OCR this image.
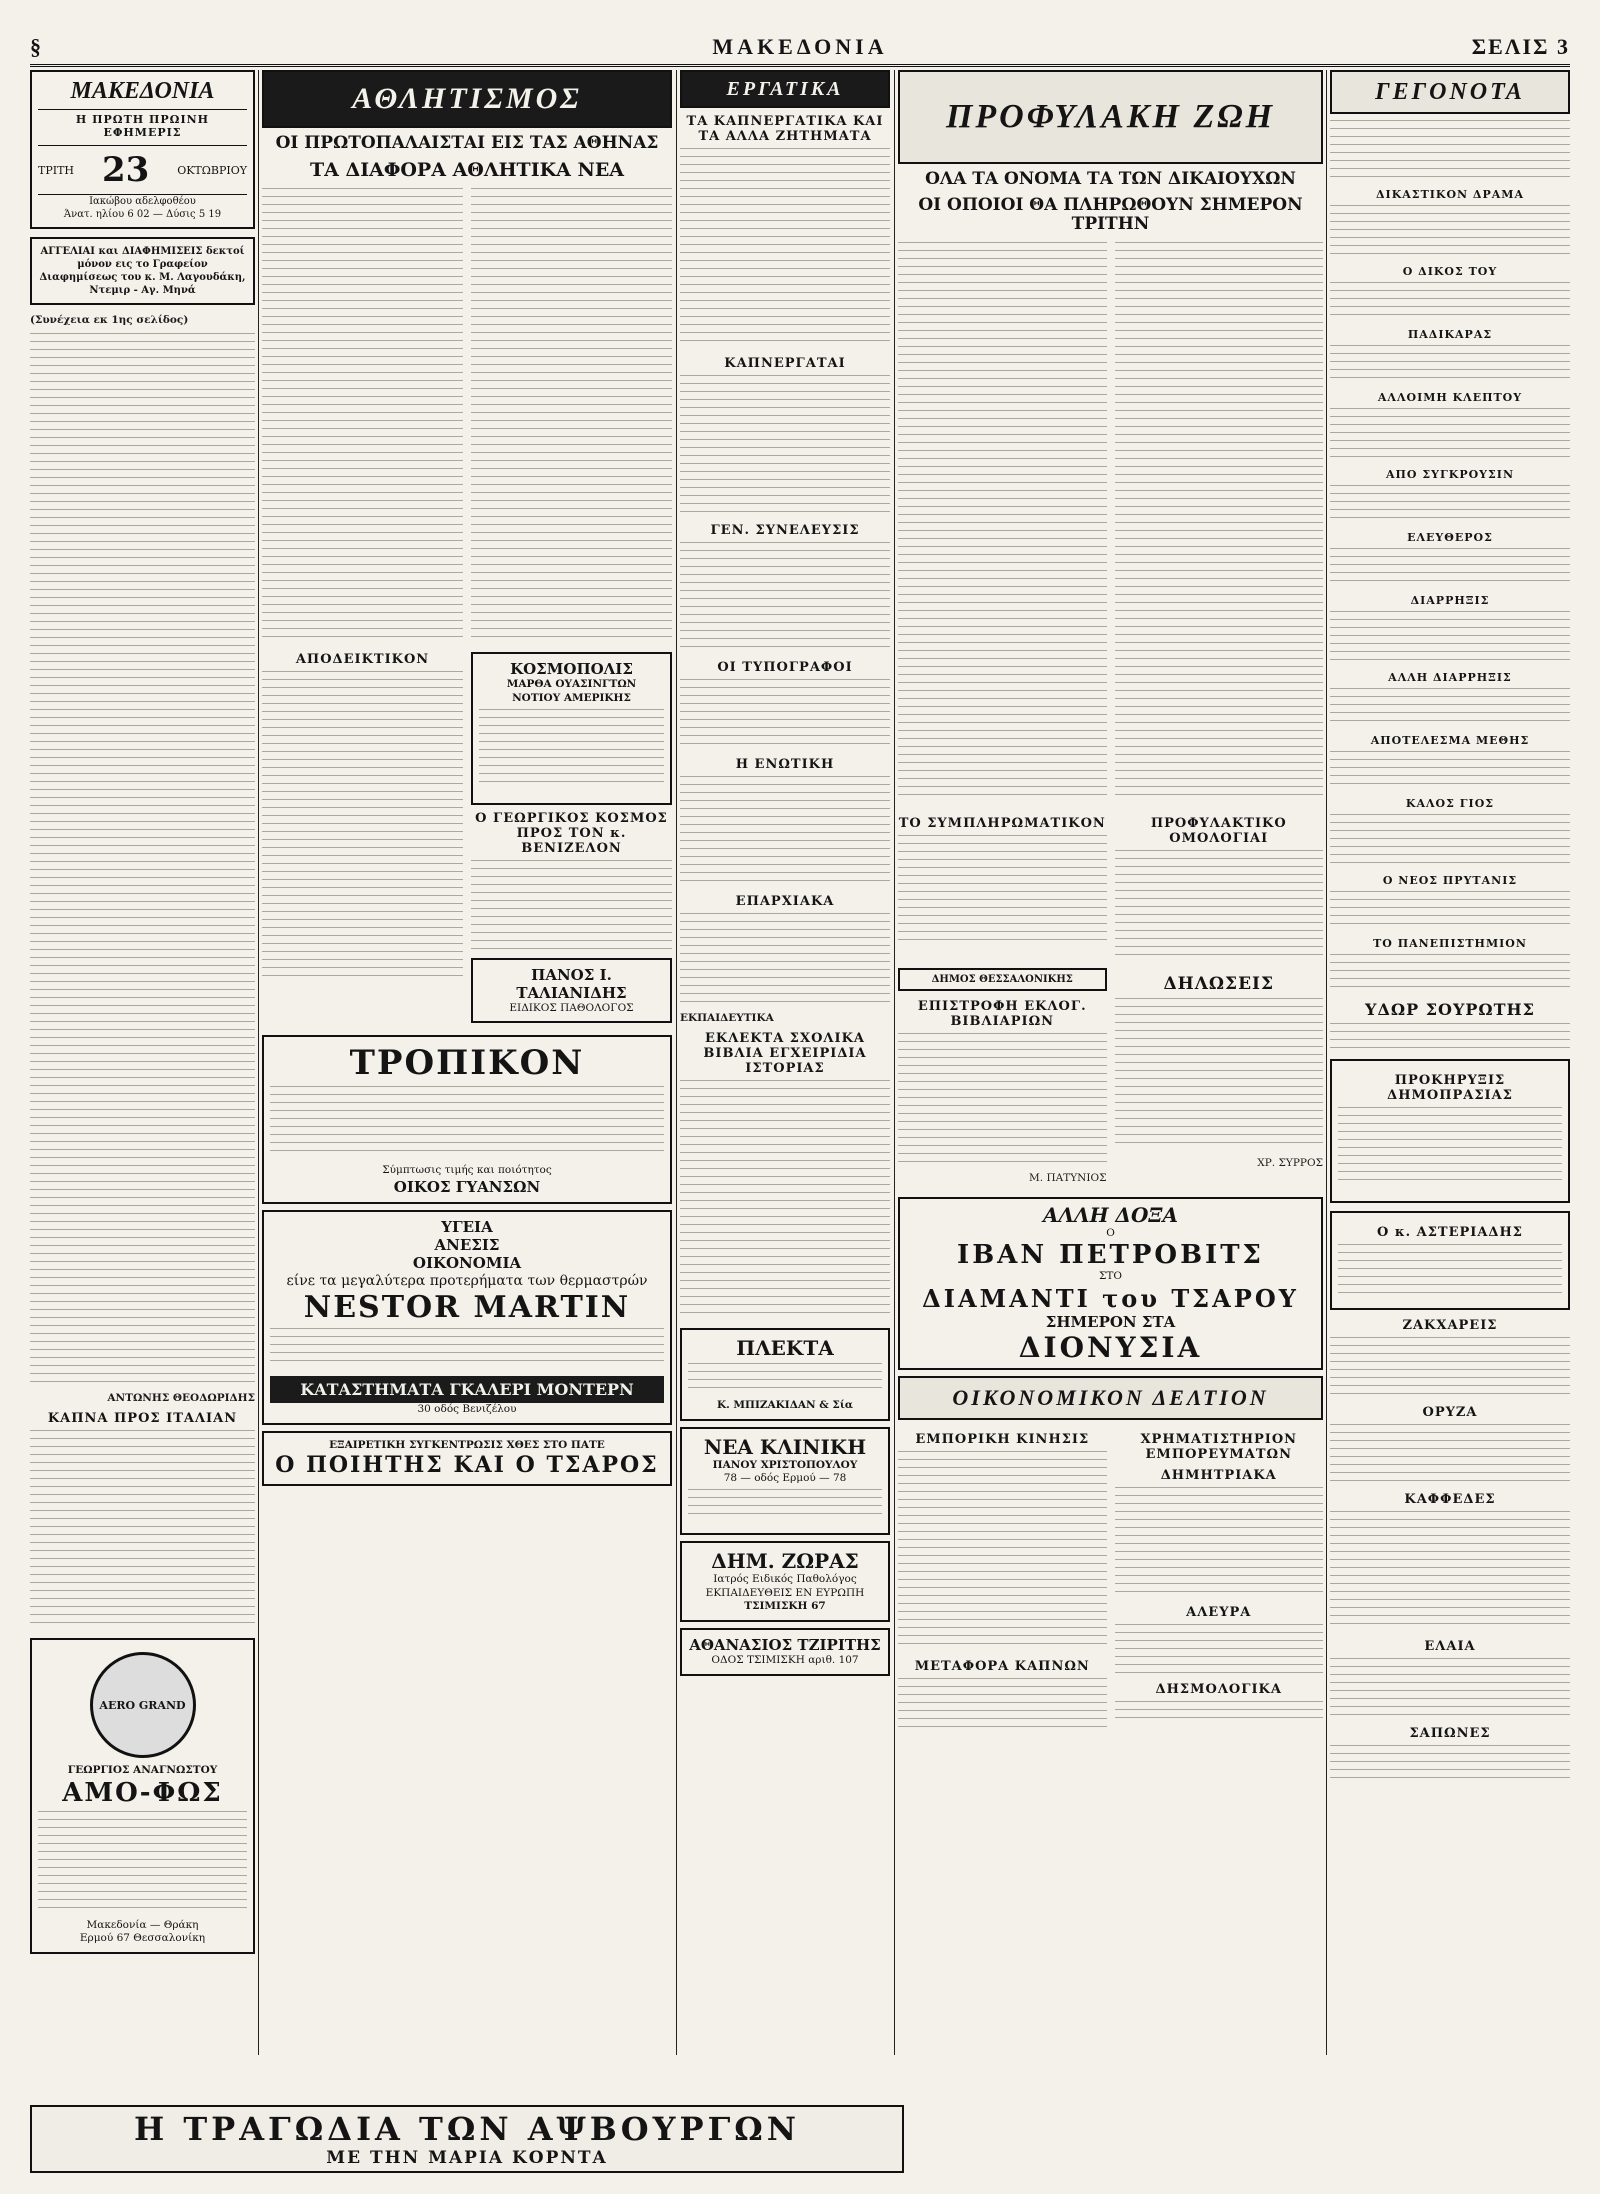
§	ΜΑΚΕΔΟΝΙΑ	ΣΕΛΙΣ 3
ΜΑΚΕΔΟΝΙΑ
Η ΠΡΩΤΗ ΠΡΩΙΝΗ ΕΦΗΜΕΡΙΣ
ΤΡΙΤΗ 23	ΟΚΤΩΒΡΙΟΥ
Ιακώβου αδελφοθέου
Άνατ. ηλίου 6 02 — Δύσις 5 19
ΑΓΓΕΛΙΑΙ και ΔΙΑΦΗΜΙΣΕΙΣ δεκτοί μόνον εις το Γραφείον Διαφημίσεως του κ. Μ. Λαγουδάκη, Ντεμιρ - Αγ. Μηνά
(Συνέχεια εκ 1ης σελίδος)
ΑΝΤΩΝΗΣ ΘΕΟΔΩΡΙΔΗΣ
ΚΑΠΝΑ ΠΡΟΣ ΙΤΑΛΙΑΝ
AERO GRAND
ΓΕΩΡΓΙΟΣ ΑΝΑΓΝΩΣΤΟΥ
ΑΜΟ-ΦΩΣ
Μακεδονία — Θράκη
Ερμού 67 Θεσσαλονίκη
ΑΘΛΗΤΙΣΜΟΣ
ΟΙ ΠΡΩΤΟΠΑΛΑΙΣΤΑΙ ΕΙΣ ΤΑΣ ΑΘΗΝΑΣ
ΤΑ ΔΙΑΦΟΡΑ ΑΘΛΗΤΙΚΑ ΝΕΑ
ΑΠΟΔΕΙΚΤΙΚΟΝ
ΚΟΣΜΟΠΟΛΙΣ
ΜΑΡΘΑ ΟΥΑΣΙΝΓΤΩΝ
ΝΟΤΙΟΥ ΑΜΕΡΙΚΗΣ
Ο ΓΕΩΡΓΙΚΟΣ ΚΟΣΜΟΣ ΠΡΟΣ ΤΟΝ κ. ΒΕΝΙΖΕΛΟΝ
ΠΑΝΟΣ Ι. ΤΑΛΙΑΝΙΔΗΣ
ΕΙΔΙΚΟΣ ΠΑΘΟΛΟΓΟΣ
ΤΡΟΠΙΚΟΝ
Σύμπτωσις τιμής και ποιότητος
ΟΙΚΟΣ ΓΥΑΝΣΩΝ
ΥΓΕΙΑ
ΑΝΕΣΙΣ
ΟΙΚΟΝΟΜΙΑ
είνε τα μεγαλύτερα προτερήματα των θερμαστρών
NESTOR MARTIN
ΚΑΤΑΣΤΗΜΑΤΑ ΓΚΑΛΕΡΙ ΜΟΝΤΕΡΝ
30 οδός Βενιζέλου
ΕΞΑΙΡΕΤΙΚΗ ΣΥΓΚΕΝΤΡΩΣΙΣ ΧΘΕΣ ΣΤΟ ΠΑΤΕ
Ο ΠΟΙΗΤΗΣ ΚΑΙ Ο ΤΣΑΡΟΣ
ΕΡΓΑΤΙΚΑ
ΤΑ ΚΑΠΝΕΡΓΑΤΙΚΑ ΚΑΙ ΤΑ ΑΛΛΑ ΖΗΤΗΜΑΤΑ
ΚΑΠΝΕΡΓΑΤΑΙ
ΓΕΝ. ΣΥΝΕΛΕΥΣΙΣ
ΟΙ ΤΥΠΟΓΡΑΦΟΙ
Η ΕΝΩΤΙΚΗ
ΕΠΑΡΧΙΑΚΑ
ΕΚΠΑΙΔΕΥΤΙΚΑ
ΕΚΛΕΚΤΑ ΣΧΟΛΙΚΑ ΒΙΒΛΙΑ ΕΓΧΕΙΡΙΔΙΑ ΙΣΤΟΡΙΑΣ
ΠΛΕΚΤΑ
Κ. ΜΠΙΖΑΚΙΔΑΝ & Σία
ΝΕΑ ΚΛΙΝΙΚΗ
ΠΑΝΟΥ ΧΡΙΣΤΟΠΟΥΛΟΥ
78 — οδός Ερμού — 78
ΔΗΜ. ΖΩΡΑΣ
Ιατρός Ειδικός Παθολόγος ΕΚΠΑΙΔΕΥΘΕΙΣ ΕΝ ΕΥΡΩΠΗ
ΤΣΙΜΙΣΚΗ 67
ΑΘΑΝΑΣΙΟΣ ΤΖΙΡΙΤΗΣ
ΟΔΟΣ ΤΣΙΜΙΣΚΗ αριθ. 107
ΠΡΟΦΥΛΑΚΗ ΖΩΗ
ΟΛΑ ΤΑ ΟΝΟΜΑ ΤΑ ΤΩΝ ΔΙΚΑΙΟΥΧΩΝ
ΟΙ ΟΠΟΙΟΙ ΘΑ ΠΛΗΡΩΘΟΥΝ ΣΗΜΕΡΟΝ ΤΡΙΤΗΝ
ΤΟ ΣΥΜΠΛΗΡΩΜΑΤΙΚΟΝ	ΠΡΟΦΥΛΑΚΤΙΚΟ ΟΜΟΛΟΓΙΑΙ
ΔΗΜΟΣ ΘΕΣΣΑΛΟΝΙΚΗΣ
ΕΠΙΣΤΡΟΦΗ ΕΚΛΟΓ. ΒΙΒΛΙΑΡΙΩΝ
Μ. ΠΑΤΥΝΙΟΣ
ΔΗΛΩΣΕΙΣ
ΧΡ. ΣΥΡΡΟΣ
ΑΛΛΗ ΔΟΞΑ
Ο
ΙΒΑΝ ΠΕΤΡΟΒΙΤΣ
ΣΤΟ
ΔΙΑΜΑΝΤΙ του ΤΣΑΡΟΥ
ΣΗΜΕΡΟΝ ΣΤΑ
ΔΙΟΝΥΣΙΑ
ΟΙΚΟΝΟΜΙΚΟΝ ΔΕΛΤΙΟΝ
ΕΜΠΟΡΙΚΗ ΚΙΝΗΣΙΣ
ΜΕΤΑΦΟΡΑ ΚΑΠΝΩΝ
ΧΡΗΜΑΤΙΣΤΗΡΙΟΝ ΕΜΠΟΡΕΥΜΑΤΩΝ
ΔΗΜΗΤΡΙΑΚΑ
ΑΛΕΥΡΑ
ΔΗΣΜΟΛΟΓΙΚΑ
ΓΕΓΟΝΟΤΑ
ΔΙΚΑΣΤΙΚΟΝ ΔΡΑΜΑ
Ο ΔΙΚΟΣ ΤΟΥ
ΠΑΔΙΚΑΡΑΣ
ΑΛΛΟΙΜΗ ΚΛΕΠΤΟΥ
ΑΠΟ ΣΥΓΚΡΟΥΣΙΝ
ΕΛΕΥΘΕΡΟΣ
ΔΙΑΡΡΗΞΙΣ
ΑΛΛΗ ΔΙΑΡΡΗΞΙΣ
ΑΠΟΤΕΛΕΣΜΑ ΜΕΘΗΣ
ΚΑΛΟΣ ΓΙΟΣ
Ο ΝΕΟΣ ΠΡΥΤΑΝΙΣ
ΤΟ ΠΑΝΕΠΙΣΤΗΜΙΟΝ
ΥΔΩΡ ΣΟΥΡΩΤΗΣ
ΠΡΟΚΗΡΥΞΙΣ ΔΗΜΟΠΡΑΣΙΑΣ
Ο κ. ΑΣΤΕΡΙΑΔΗΣ
ΖΑΚΧΑΡΕΙΣ
ΟΡΥΖΑ
ΚΑΦΦΕΔΕΣ
ΕΛΑΙΑ
ΣΑΠΩΝΕΣ
Η ΤΡΑΓΩΔΙΑ ΤΩΝ ΑΨΒΟΥΡΓΩΝ
ΜΕ ΤΗΝ ΜΑΡΙΑ ΚΟΡΝΤΑ
